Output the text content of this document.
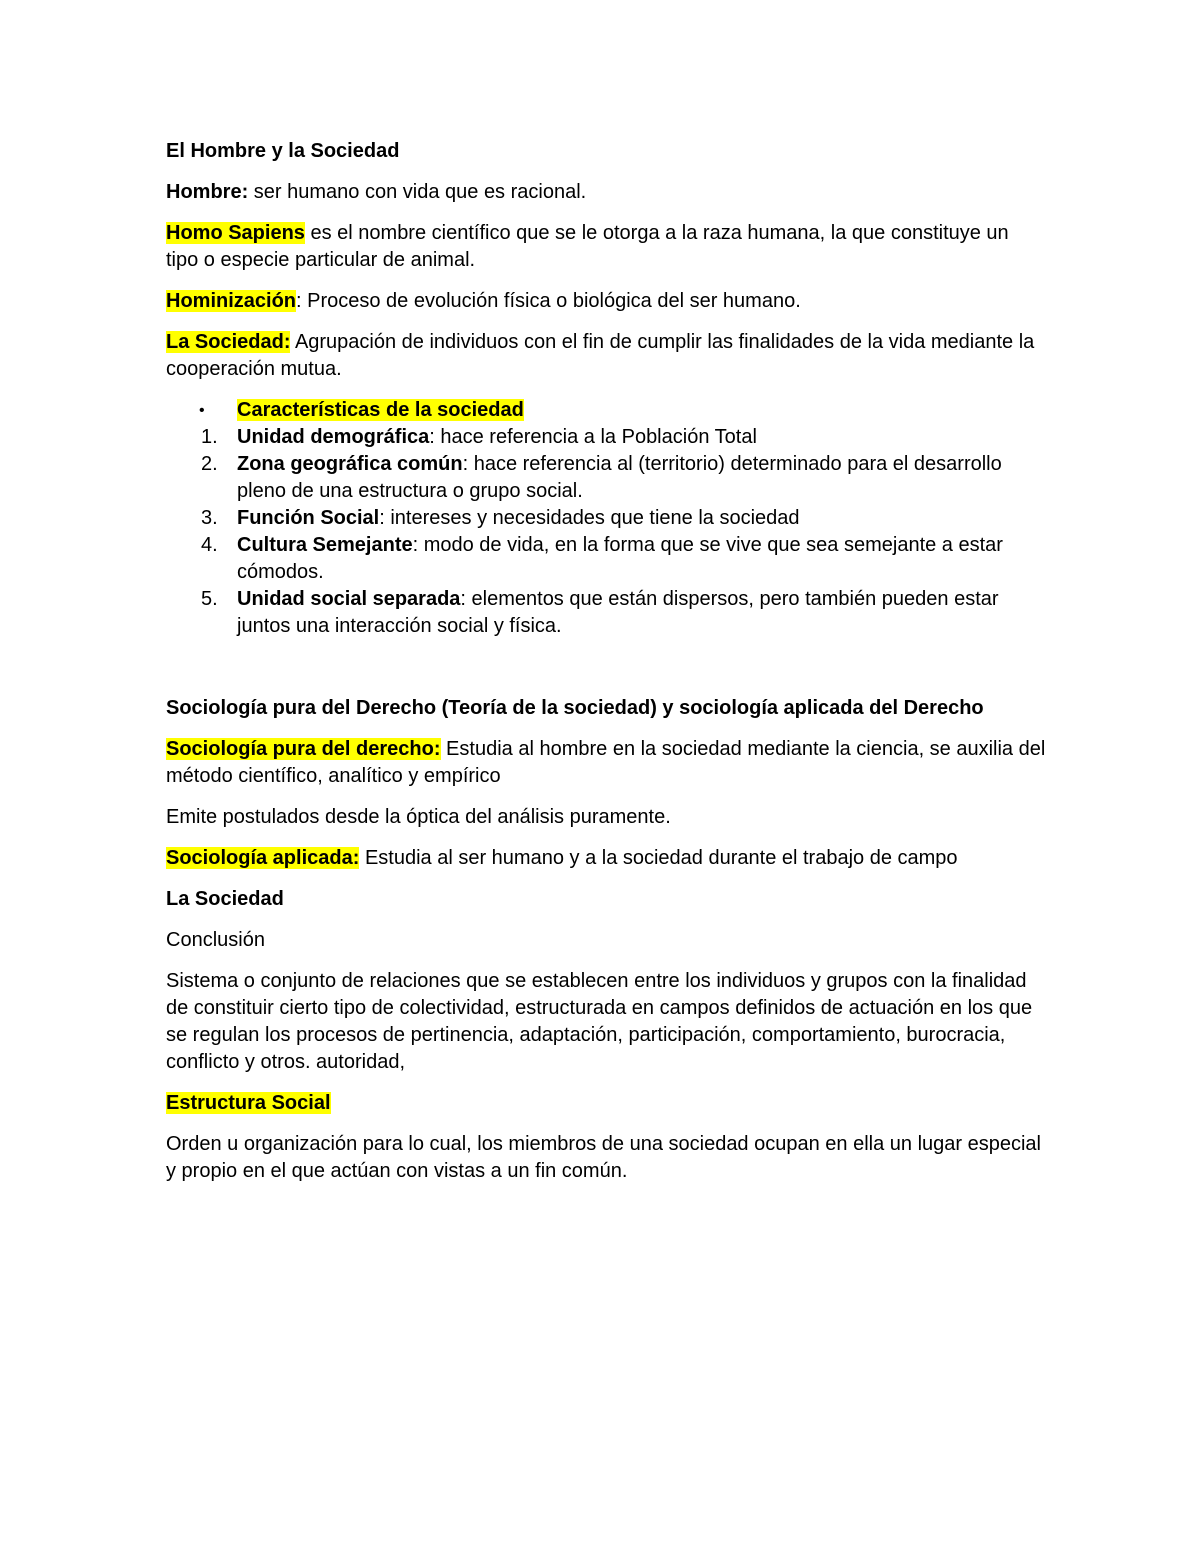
El Hombre y la Sociedad

Hombre: ser humano con vida que es racional.

Homo Sapiens es el nombre científico que se le otorga a la raza humana, la que constituye un tipo o especie particular de animal.

Hominización: Proceso de evolución física o biológica del ser humano.

La Sociedad: Agrupación de individuos con el fin de cumplir las finalidades de la vida mediante la cooperación mutua.

• Características de la sociedad
1. Unidad demográfica: hace referencia a la Población Total
2. Zona geográfica común: hace referencia al (territorio) determinado para el desarrollo pleno de una estructura o grupo social.
3. Función Social: intereses y necesidades que tiene la sociedad
4. Cultura Semejante: modo de vida, en la forma que se vive que sea semejante a estar cómodos.
5. Unidad social separada: elementos que están dispersos, pero también pueden estar juntos una interacción social y física.

Sociología pura del Derecho (Teoría de la sociedad) y sociología aplicada del Derecho

Sociología pura del derecho: Estudia al hombre en la sociedad mediante la ciencia, se auxilia del método científico, analítico y empírico

Emite postulados desde la óptica del análisis puramente.

Sociología aplicada: Estudia al ser humano y a la sociedad durante el trabajo de campo

La Sociedad

Conclusión

Sistema o conjunto de relaciones que se establecen entre los individuos y grupos con la finalidad de constituir cierto tipo de colectividad, estructurada en campos definidos de actuación en los que se regulan los procesos de pertinencia, adaptación, participación, comportamiento, burocracia, conflicto y otros. autoridad,

Estructura Social

Orden u organización para lo cual, los miembros de una sociedad ocupan en ella un lugar especial y propio en el que actúan con vistas a un fin común.
